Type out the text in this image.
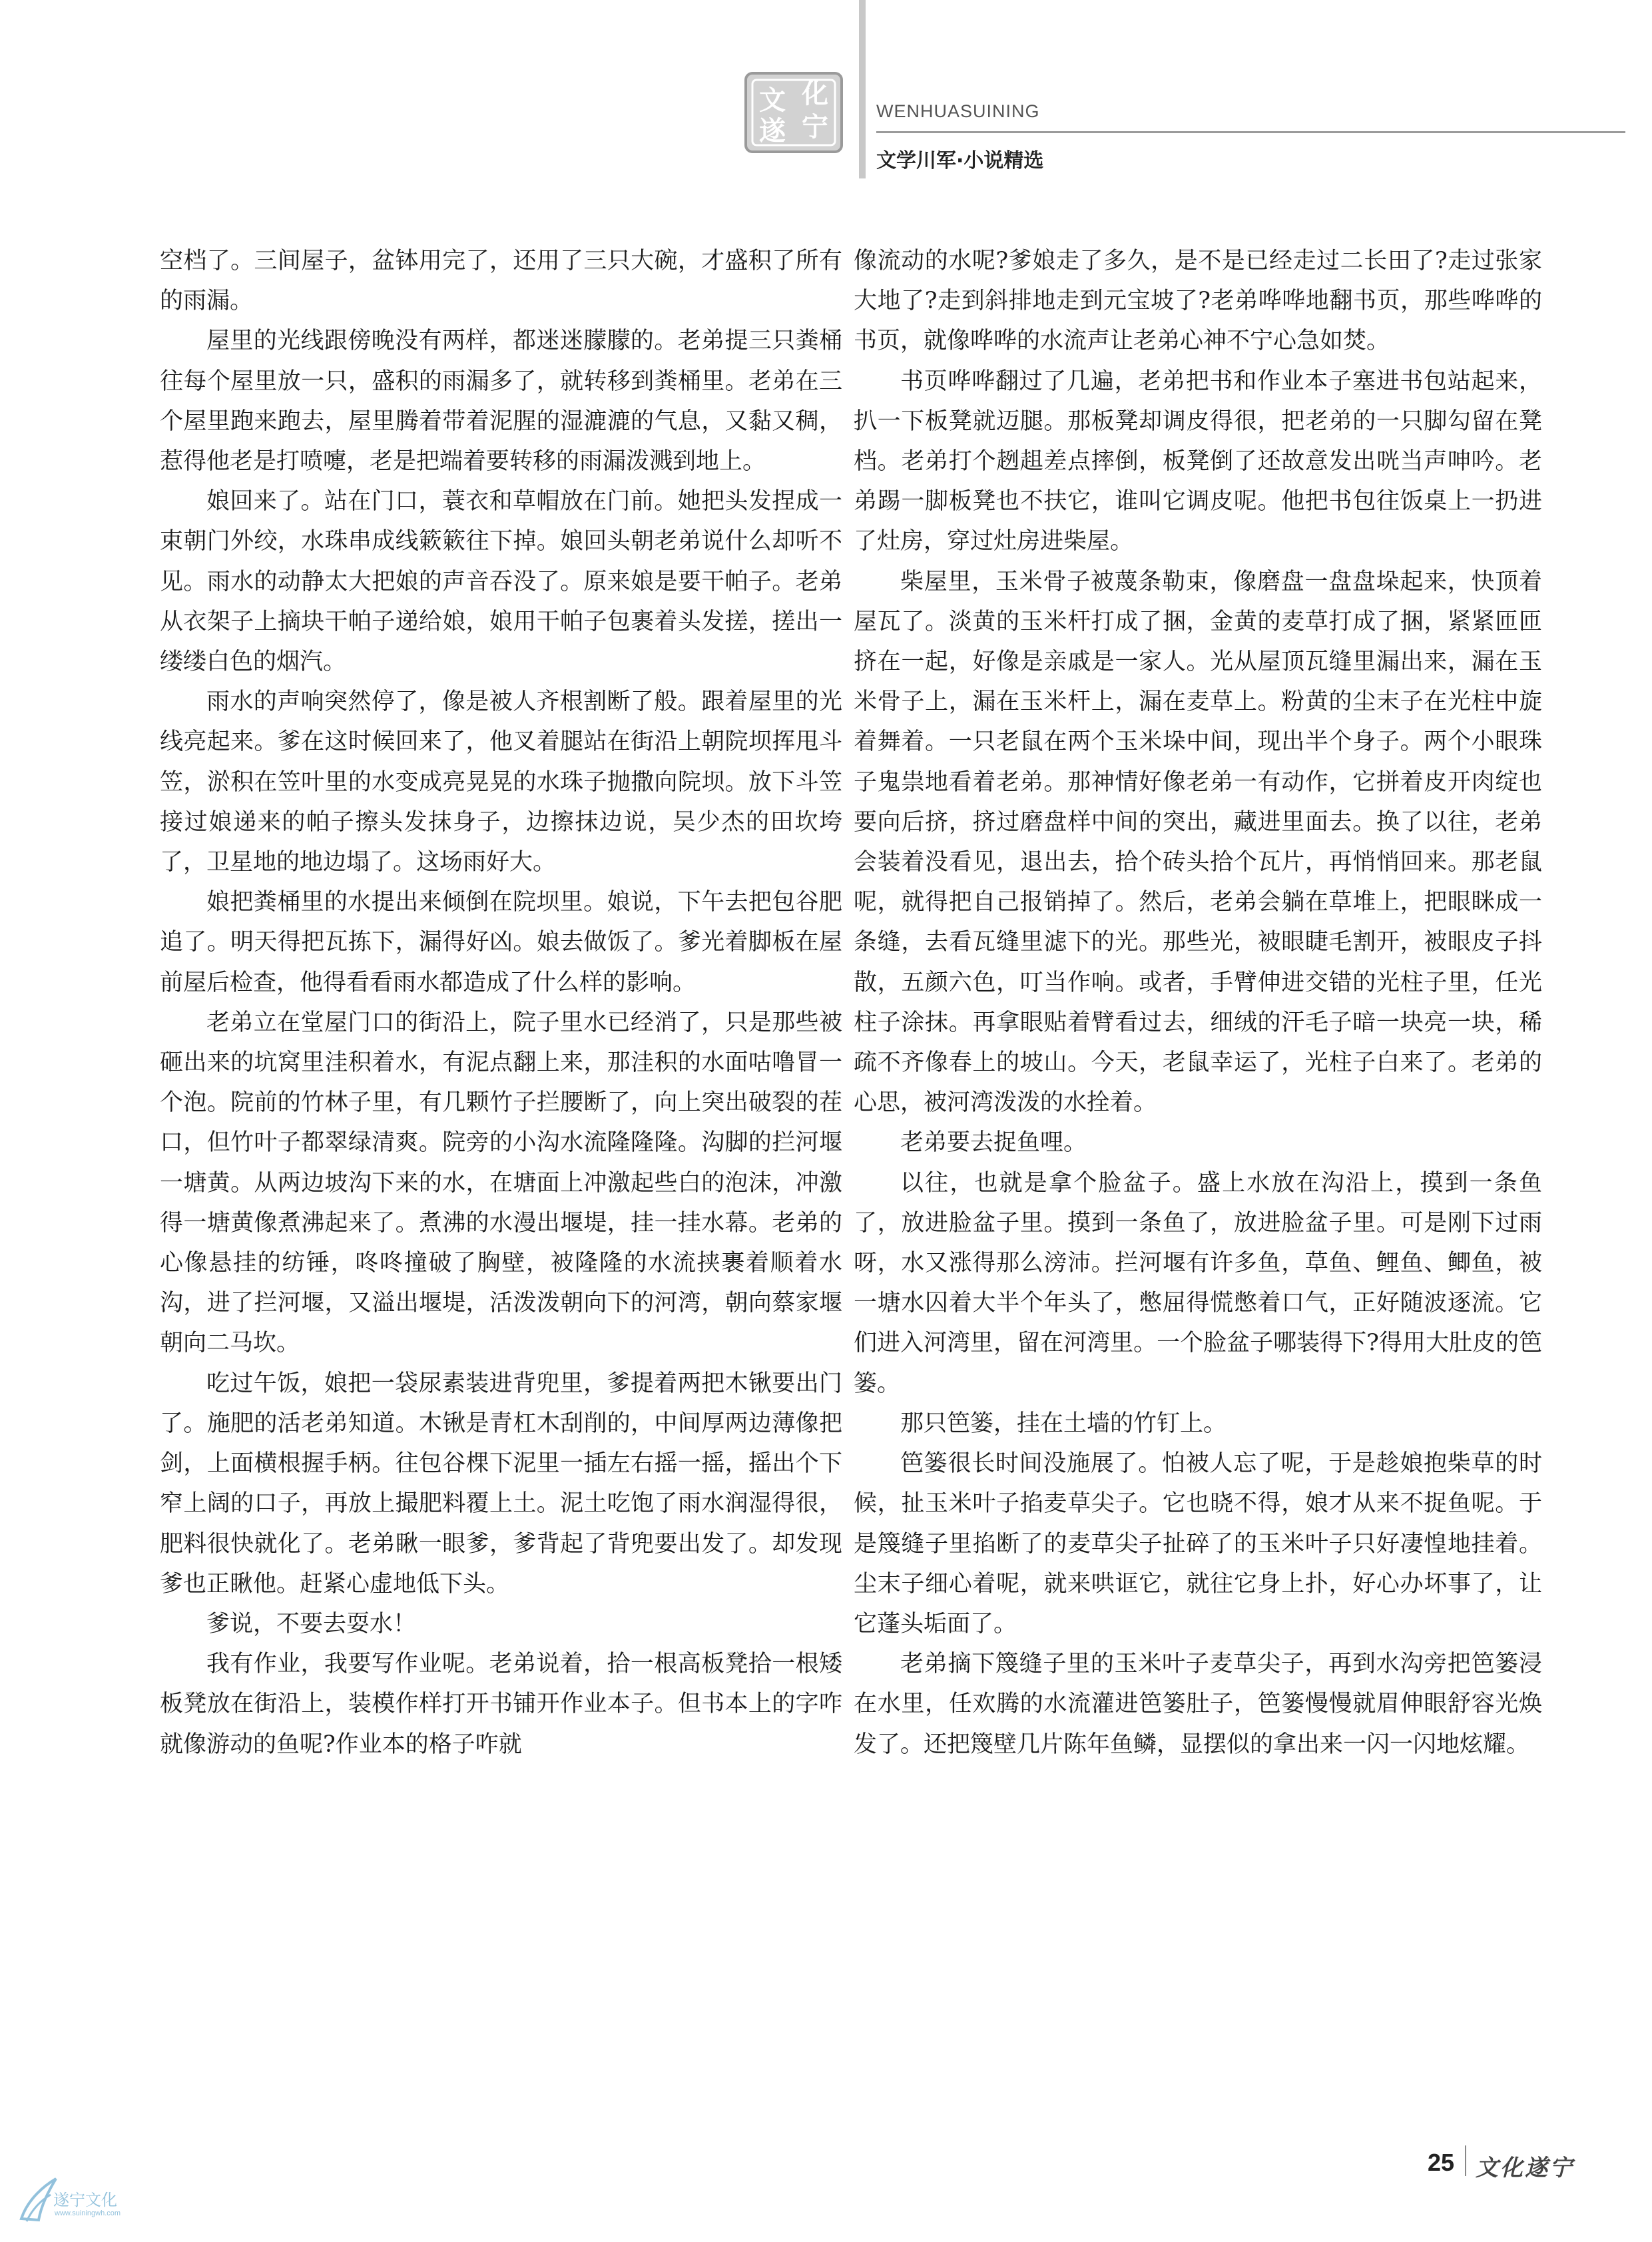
文 化
遂 宁	WENHUASUINING
文学川军·小说精选

空档了。三间屋子，盆钵用完了，还用了三只大碗，才盛积了所有的雨漏。

屋里的光线跟傍晚没有两样，都迷迷朦朦的。老弟提三只粪桶往每个屋里放一只，盛积的雨漏多了，就转移到粪桶里。老弟在三个屋里跑来跑去，屋里腾着带着泥腥的湿漉漉的气息，又黏又稠，惹得他老是打喷嚏，老是把端着要转移的雨漏泼溅到地上。

娘回来了。站在门口，蓑衣和草帽放在门前。她把头发捏成一束朝门外绞，水珠串成线簌簌往下掉。娘回头朝老弟说什么却听不见。雨水的动静太大把娘的声音吞没了。原来娘是要干帕子。老弟从衣架子上摘块干帕子递给娘，娘用干帕子包裹着头发搓，搓出一缕缕白色的烟汽。

雨水的声响突然停了，像是被人齐根割断了般。跟着屋里的光线亮起来。爹在这时候回来了，他叉着腿站在街沿上朝院坝挥甩斗笠，淤积在笠叶里的水变成亮晃晃的水珠子抛撒向院坝。放下斗笠接过娘递来的帕子擦头发抹身子，边擦抹边说，吴少杰的田坎垮了，卫星地的地边塌了。这场雨好大。

娘把粪桶里的水提出来倾倒在院坝里。娘说，下午去把包谷肥追了。明天得把瓦拣下，漏得好凶。娘去做饭了。爹光着脚板在屋前屋后检查，他得看看雨水都造成了什么样的影响。

老弟立在堂屋门口的街沿上，院子里水已经消了，只是那些被砸出来的坑窝里洼积着水，有泥点翻上来，那洼积的水面咕噜冒一个泡。院前的竹林子里，有几颗竹子拦腰断了，向上突出破裂的茬口，但竹叶子都翠绿清爽。院旁的小沟水流隆隆隆。沟脚的拦河堰一塘黄。从两边坡沟下来的水，在塘面上冲激起些白的泡沫，冲激得一塘黄像煮沸起来了。煮沸的水漫出堰堤，挂一挂水幕。老弟的心像悬挂的纺锤，咚咚撞破了胸壁，被隆隆的水流挟裹着顺着水沟，进了拦河堰，又溢出堰堤，活泼泼朝向下的河湾，朝向蔡家堰朝向二马坎。

吃过午饭，娘把一袋尿素装进背兜里，爹提着两把木锹要出门了。施肥的活老弟知道。木锹是青杠木刮削的，中间厚两边薄像把剑，上面横根握手柄。往包谷棵下泥里一插左右摇一摇，摇出个下窄上阔的口子，再放上撮肥料覆上土。泥土吃饱了雨水润湿得很，肥料很快就化了。老弟瞅一眼爹，爹背起了背兜要出发了。却发现爹也正瞅他。赶紧心虚地低下头。

爹说，不要去耍水！

我有作业，我要写作业呢。老弟说着，拾一根高板凳拾一根矮板凳放在街沿上，装模作样打开书铺开作业本子。但书本上的字咋就像游动的鱼呢?作业本的格子咋就

像流动的水呢?爹娘走了多久，是不是已经走过二长田了?走过张家大地了?走到斜排地走到元宝坡了?老弟哗哗地翻书页，那些哗哗的书页，就像哗哗的水流声让老弟心神不宁心急如焚。

书页哗哗翻过了几遍，老弟把书和作业本子塞进书包站起来，扒一下板凳就迈腿。那板凳却调皮得很，把老弟的一只脚勾留在凳档。老弟打个趔趄差点摔倒，板凳倒了还故意发出咣当声呻吟。老弟踢一脚板凳也不扶它，谁叫它调皮呢。他把书包往饭桌上一扔进了灶房，穿过灶房进柴屋。

柴屋里，玉米骨子被蔑条勒束，像磨盘一盘盘垛起来，快顶着屋瓦了。淡黄的玉米杆打成了捆，金黄的麦草打成了捆，紧紧匝匝挤在一起，好像是亲戚是一家人。光从屋顶瓦缝里漏出来，漏在玉米骨子上，漏在玉米杆上，漏在麦草上。粉黄的尘末子在光柱中旋着舞着。一只老鼠在两个玉米垛中间，现出半个身子。两个小眼珠子鬼祟地看着老弟。那神情好像老弟一有动作，它拼着皮开肉绽也要向后挤，挤过磨盘样中间的突出，藏进里面去。换了以往，老弟会装着没看见，退出去，拾个砖头拾个瓦片，再悄悄回来。那老鼠呢，就得把自己报销掉了。然后，老弟会躺在草堆上，把眼眯成一条缝，去看瓦缝里滤下的光。那些光，被眼睫毛割开，被眼皮子抖散，五颜六色，叮当作响。或者，手臂伸进交错的光柱子里，任光柱子涂抹。再拿眼贴着臂看过去，细绒的汗毛子暗一块亮一块，稀疏不齐像春上的坡山。今天，老鼠幸运了，光柱子白来了。老弟的心思，被河湾泼泼的水拴着。

老弟要去捉鱼哩。

以往，也就是拿个脸盆子。盛上水放在沟沿上，摸到一条鱼了，放进脸盆子里。摸到一条鱼了，放进脸盆子里。可是刚下过雨呀，水又涨得那么滂沛。拦河堰有许多鱼，草鱼、鲤鱼、鲫鱼，被一塘水囚着大半个年头了，憋屈得慌憋着口气，正好随波逐流。它们进入河湾里，留在河湾里。一个脸盆子哪装得下?得用大肚皮的笆篓。

那只笆篓，挂在土墙的竹钉上。

笆篓很长时间没施展了。怕被人忘了呢，于是趁娘抱柴草的时候，扯玉米叶子掐麦草尖子。它也晓不得，娘才从来不捉鱼呢。于是篾缝子里掐断了的麦草尖子扯碎了的玉米叶子只好凄惶地挂着。尘末子细心着呢，就来哄诓它，就往它身上扑，好心办坏事了，让它蓬头垢面了。

老弟摘下篾缝子里的玉米叶子麦草尖子，再到水沟旁把笆篓浸在水里，任欢腾的水流灌进笆篓肚子，笆篓慢慢就眉伸眼舒容光焕发了。还把篾壁几片陈年鱼鳞，显摆似的拿出来一闪一闪地炫耀。

25 文化遂宁
遂宁文化
www.suiningwh.com
